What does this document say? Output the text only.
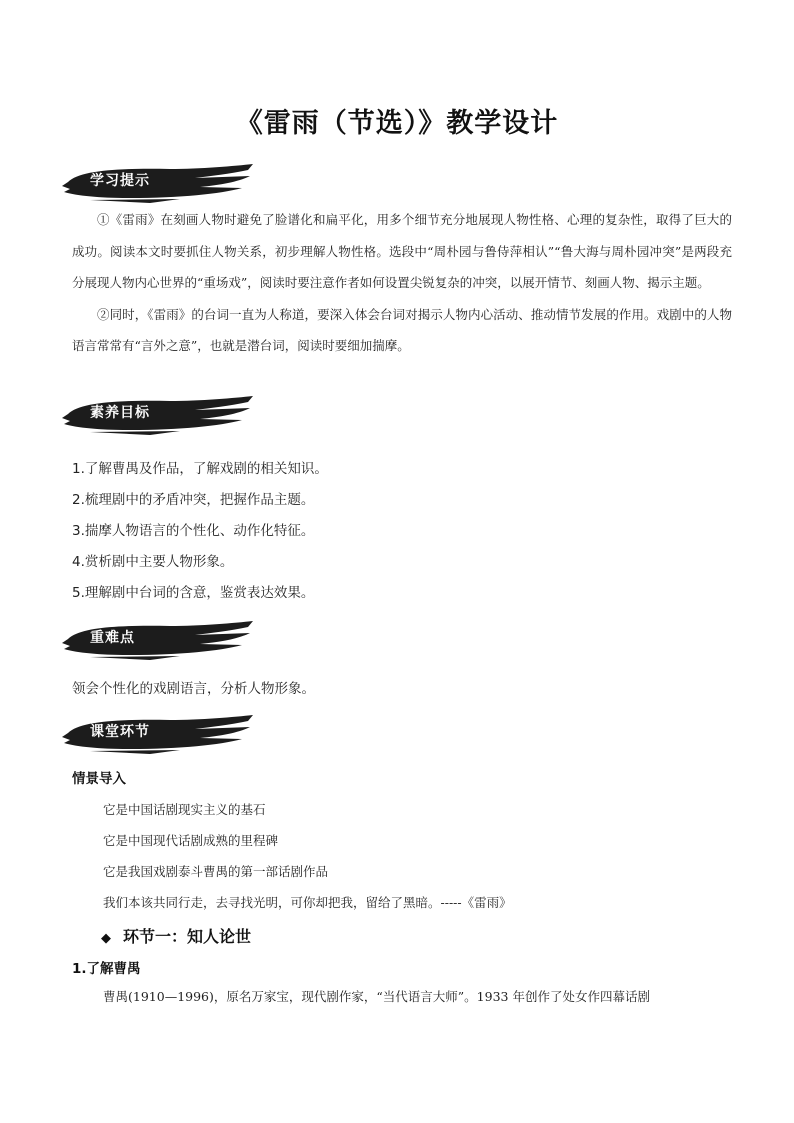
《雷雨（节选）》教学设计
学习提示

①《雷雨》在刻画人物时避免了脸谱化和扁平化，用多个细节充分地展现人物性格、心理的复杂性，取得了巨大的成功。阅读本文时要抓住人物关系，初步理解人物性格。选段中“周朴园与鲁侍萍相认”“鲁大海与周朴园冲突”是两段充分展现人物内心世界的“重场戏”，阅读时要注意作者如何设置尖锐复杂的冲突，以展开情节、刻画人物、揭示主题。

②同时，《雷雨》的台词一直为人称道，要深入体会台词对揭示人物内心活动、推动情节发展的作用。戏剧中的人物语言常常有“言外之意”，也就是潜台词，阅读时要细加揣摩。

素养目标
1.了解曹禺及作品，了解戏剧的相关知识。
2.梳理剧中的矛盾冲突，把握作品主题。
3.揣摩人物语言的个性化、动作化特征。
4.赏析剧中主要人物形象。
5.理解剧中台词的含意，鉴赏表达效果。
重难点
领会个性化的戏剧语言，分析人物形象。
课堂环节
情景导入
它是中国话剧现实主义的基石
它是中国现代话剧成熟的里程碑
它是我国戏剧泰斗曹禺的第一部话剧作品
我们本该共同行走，去寻找光明，可你却把我，留给了黑暗。-----《雷雨》
◆ 环节一：知人论世
1.了解曹禺
曹禺(1910—1996)，原名万家宝，现代剧作家，“当代语言大师”。1933 年创作了处女作四幕话剧
